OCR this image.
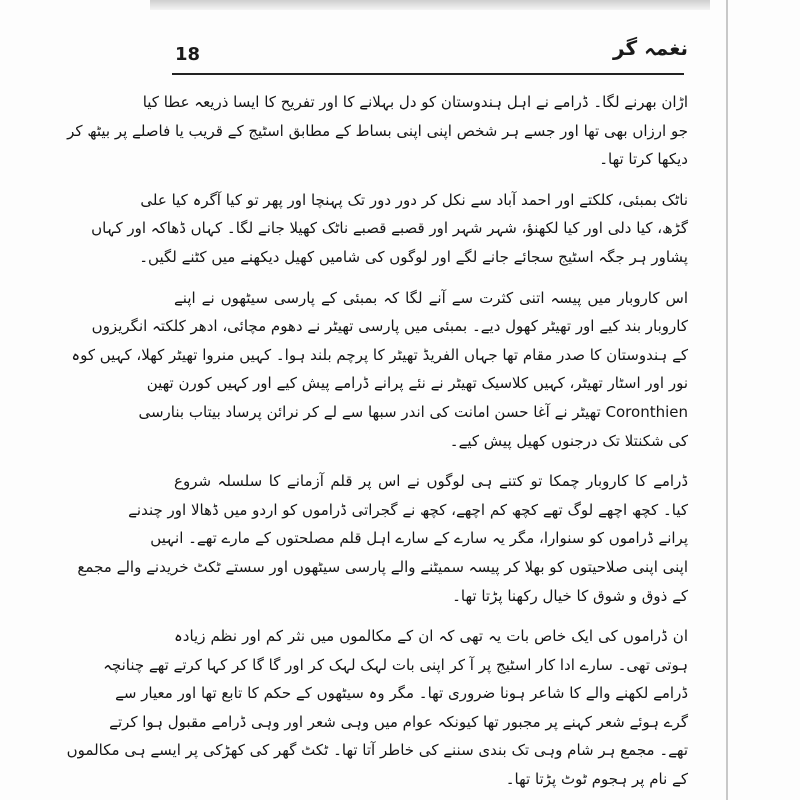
18	نغمہ گر
اڑان بھرنے لگا۔ ڈرامے نے اہل ہندوستان کو دل بہلانے کا اور تفریح کا ایسا ذریعہ عطا کیا
جو ارزاں بھی تھا اور جسے ہر شخص اپنی اپنی بساط کے مطابق اسٹیج کے قریب یا فاصلے پر بیٹھ کر
دیکھا کرتا تھا۔
ناٹک بمبئی، کلکتے اور احمد آباد سے نکل کر دور دور تک پہنچا اور پھر تو کیا آگرہ کیا علی
گڑھ، کیا دلی اور کیا لکھنؤ، شہر شہر اور قصبے قصبے ناٹک کھیلا جانے لگا۔ کہاں ڈھاکہ اور کہاں
پشاور ہر جگہ اسٹیج سجائے جانے لگے اور لوگوں کی شامیں کھیل دیکھنے میں کٹنے لگیں۔
اس کاروبار میں پیسہ اتنی کثرت سے آنے لگا کہ بمبئی کے پارسی سیٹھوں نے اپنے
کاروبار بند کیے اور تھیٹر کھول دیے۔ بمبئی میں پارسی تھیٹر نے دھوم مچائی، ادھر کلکتہ انگریزوں
کے ہندوستان کا صدر مقام تھا جہاں الفریڈ تھیٹر کا پرچم بلند ہوا۔ کہیں منروا تھیٹر کھلا، کہیں کوہ
نور اور اسٹار تھیٹر، کہیں کلاسیک تھیٹر نے نئے پرانے ڈرامے پیش کیے اور کہیں کورن تھین
Coronthien تھیٹر نے آغا حسن امانت کی اندر سبھا سے لے کر نرائن پرساد بیتاب بنارسی
کی شکنتلا تک درجنوں کھیل پیش کیے۔
ڈرامے کا کاروبار چمکا تو کتنے ہی لوگوں نے اس پر قلم آزمانے کا سلسلہ شروع
کیا۔ کچھ اچھے لوگ تھے کچھ کم اچھے، کچھ نے گجراتی ڈراموں کو اردو میں ڈھالا اور چندنے
پرانے ڈراموں کو سنوارا، مگر یہ سارے کے سارے اہل قلم مصلحتوں کے مارے تھے۔ انہیں
اپنی اپنی صلاحیتوں کو بھلا کر پیسہ سمیٹنے والے پارسی سیٹھوں اور سستے ٹکٹ خریدنے والے مجمع
کے ذوق و شوق کا خیال رکھنا پڑتا تھا۔
ان ڈراموں کی ایک خاص بات یہ تھی کہ ان کے مکالموں میں نثر کم اور نظم زیادہ
ہوتی تھی۔ سارے ادا کار اسٹیج پر آ کر اپنی بات لہک لہک کر اور گا گا کر کہا کرتے تھے چنانچہ
ڈرامے لکھنے والے کا شاعر ہونا ضروری تھا۔ مگر وہ سیٹھوں کے حکم کا تابع تھا اور معیار سے
گرے ہوئے شعر کہنے پر مجبور تھا کیونکہ عوام میں وہی شعر اور وہی ڈرامے مقبول ہوا کرتے
تھے۔ مجمع ہر شام وہی تک بندی سننے کی خاطر آتا تھا۔ ٹکٹ گھر کی کھڑکی پر ایسے ہی مکالموں
کے نام پر ہجوم ٹوٹ پڑتا تھا۔
